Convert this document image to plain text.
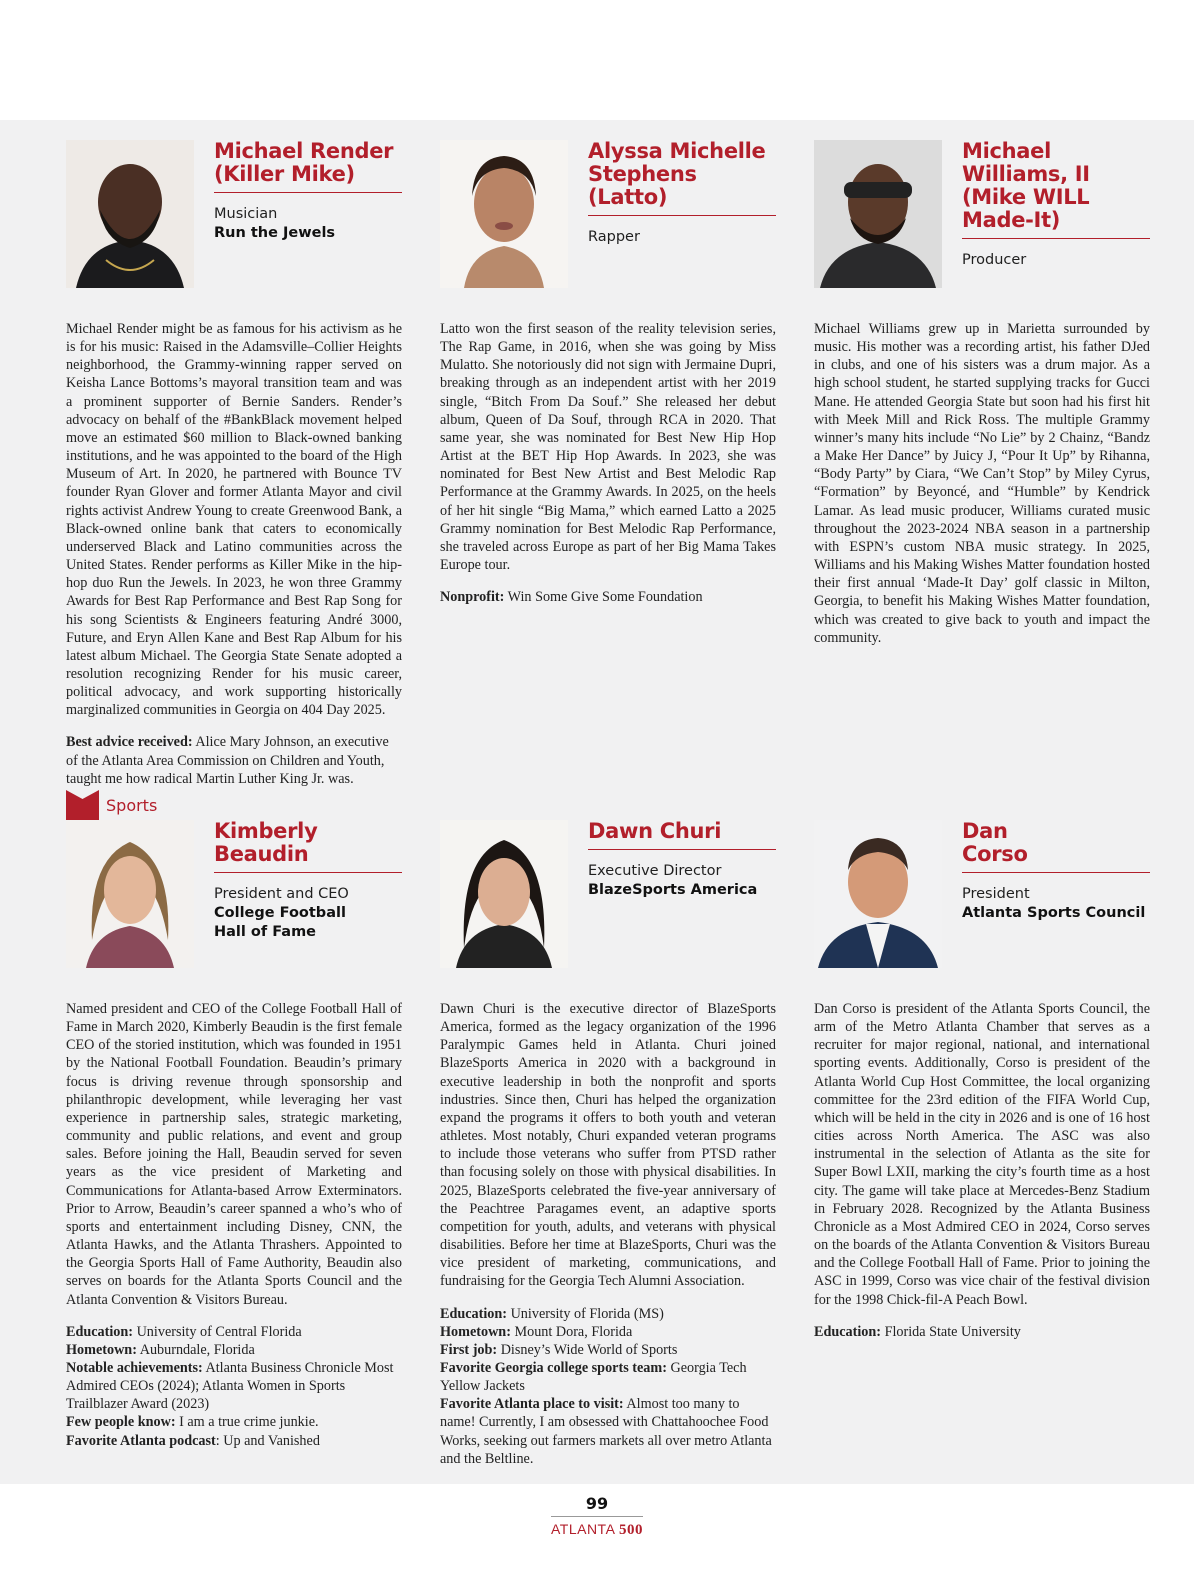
Michael Render
(Killer Mike)
Musician
Run the Jewels

Michael Render might be as famous for his activism as he is for his music: Raised in the Adamsville–Collier Heights neighborhood, the Grammy-winning rapper served on Keisha Lance Bottoms’s mayoral transition team and was a prominent supporter of Bernie Sanders. Render’s advocacy on behalf of the #BankBlack movement helped move an estimated $60 million to Black-owned banking institutions, and he was appointed to the board of the High Museum of Art. In 2020, he partnered with Bounce TV founder Ryan Glover and former Atlanta Mayor and civil rights activist Andrew Young to create Greenwood Bank, a Black-owned online bank that caters to economically underserved Black and Latino communities across the United States. Render performs as Killer Mike in the hip-hop duo Run the Jewels. In 2023, he won three Grammy Awards for Best Rap Performance and Best Rap Song for his song Scientists & Engineers featuring André 3000, Future, and Eryn Allen Kane and Best Rap Album for his latest album Michael. The Georgia State Senate adopted a resolution recognizing Render for his music career, political advocacy, and work supporting historically marginalized communities in Georgia on 404 Day 2025.

Best advice received: Alice Mary Johnson, an executive of the Atlanta Area Commission on Children and Youth, taught me how radical Martin Luther King Jr. was.
Alyssa Michelle
Stephens
(Latto)
Rapper

Latto won the first season of the reality television series, The Rap Game, in 2016, when she was going by Miss Mulatto. She notoriously did not sign with Jermaine Dupri, breaking through as an independent artist with her 2019 single, “Bitch From Da Souf.” She released her debut album, Queen of Da Souf, through RCA in 2020. That same year, she was nominated for Best New Hip Hop Artist at the BET Hip Hop Awards. In 2023, she was nominated for Best New Artist and Best Melodic Rap Performance at the Grammy Awards. In 2025, on the heels of her hit single “Big Mama,” which earned Latto a 2025 Grammy nomination for Best Melodic Rap Performance, she traveled across Europe as part of her Big Mama Takes Europe tour.

Nonprofit: Win Some Give Some Foundation
Michael
Williams, II
(Mike WILL
Made-It)
Producer

Michael Williams grew up in Marietta surrounded by music. His mother was a recording artist, his father DJed in clubs, and one of his sisters was a drum major. As a high school student, he started supplying tracks for Gucci Mane. He attended Georgia State but soon had his first hit with Meek Mill and Rick Ross. The multiple Grammy winner’s many hits include “No Lie” by 2 Chainz, “Bandz a Make Her Dance” by Juicy J, “Pour It Up” by Rihanna, “Body Party” by Ciara, “We Can’t Stop” by Miley Cyrus, “Formation” by Beyoncé, and “Humble” by Kendrick Lamar. As lead music producer, Williams curated music throughout the 2023-2024 NBA season in a partnership with ESPN’s custom NBA music strategy. In 2025, Williams and his Making Wishes Matter foundation hosted their first annual ‘Made-It Day’ golf classic in Milton, Georgia, to benefit his Making Wishes Matter foundation, which was created to give back to youth and impact the community.

Sports
Kimberly
Beaudin
President and CEO
College Football
Hall of Fame

Named president and CEO of the College Football Hall of Fame in March 2020, Kimberly Beaudin is the first female CEO of the storied institution, which was founded in 1951 by the National Football Foundation. Beaudin’s primary focus is driving revenue through sponsorship and philanthropic development, while leveraging her vast experience in partnership sales, strategic marketing, community and public relations, and event and group sales. Before joining the Hall, Beaudin served for seven years as the vice president of Marketing and Communications for Atlanta-based Arrow Exterminators. Prior to Arrow, Beaudin’s career spanned a who’s who of sports and entertainment including Disney, CNN, the Atlanta Hawks, and the Atlanta Thrashers. Appointed to the Georgia Sports Hall of Fame Authority, Beaudin also serves on boards for the Atlanta Sports Council and the Atlanta Convention & Visitors Bureau.

Education: University of Central Florida
Hometown: Auburndale, Florida
Notable achievements: Atlanta Business Chronicle Most Admired CEOs (2024); Atlanta Women in Sports Trailblazer Award (2023)
Few people know: I am a true crime junkie.
Favorite Atlanta podcast: Up and Vanished
Dawn Churi
Executive Director
BlazeSports America

Dawn Churi is the executive director of BlazeSports America, formed as the legacy organization of the 1996 Paralympic Games held in Atlanta. Churi joined BlazeSports America in 2020 with a background in executive leadership in both the nonprofit and sports industries. Since then, Churi has helped the organization expand the programs it offers to both youth and veteran athletes. Most notably, Churi expanded veteran programs to include those veterans who suffer from PTSD rather than focusing solely on those with physical disabilities. In 2025, BlazeSports celebrated the five-year anniversary of the Peachtree Paragames event, an adaptive sports competition for youth, adults, and veterans with physical disabilities. Before her time at BlazeSports, Churi was the vice president of marketing, communications, and fundraising for the Georgia Tech Alumni Association.

Education: University of Florida (MS)
Hometown: Mount Dora, Florida
First job: Disney’s Wide World of Sports
Favorite Georgia college sports team: Georgia Tech Yellow Jackets
Favorite Atlanta place to visit: Almost too many to name! Currently, I am obsessed with Chattahoochee Food Works, seeking out farmers markets all over metro Atlanta and the Beltline.
Dan
Corso
President
Atlanta Sports Council

Dan Corso is president of the Atlanta Sports Council, the arm of the Metro Atlanta Chamber that serves as a recruiter for major regional, national, and international sporting events. Additionally, Corso is president of the Atlanta World Cup Host Committee, the local organizing committee for the 23rd edition of the FIFA World Cup, which will be held in the city in 2026 and is one of 16 host cities across North America. The ASC was also instrumental in the selection of Atlanta as the site for Super Bowl LXII, marking the city’s fourth time as a host city. The game will take place at Mercedes-Benz Stadium in February 2028. Recognized by the Atlanta Business Chronicle as a Most Admired CEO in 2024, Corso serves on the boards of the Atlanta Convention & Visitors Bureau and the College Football Hall of Fame. Prior to joining the ASC in 1999, Corso was vice chair of the festival division for the 1998 Chick-fil-A Peach Bowl.

Education: Florida State University
99
ATLANTA 500
